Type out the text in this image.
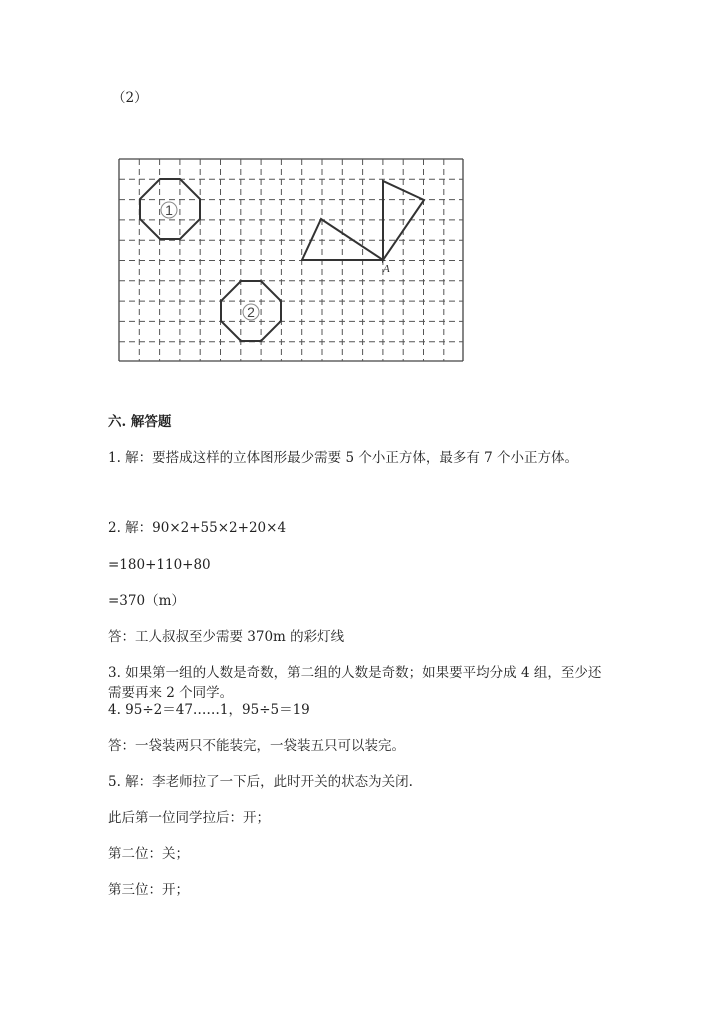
（2）
1
2
A
六. 解答题
1. 解：要搭成这样的立体图形最少需要 5 个小正方体，最多有 7 个小正方体。
2. 解：90×2+55×2+20×4
=180+110+80
=370（m）
答：工人叔叔至少需要 370m 的彩灯线
3. 如果第一组的人数是奇数，第二组的人数是奇数；如果要平均分成 4 组，至少还需要再来 2 个同学。
4. 95÷2＝47……1，95÷5＝19
答：一袋装两只不能装完，一袋装五只可以装完。
5. 解：李老师拉了一下后，此时开关的状态为关闭.
此后第一位同学拉后：开；
第二位：关；
第三位：开；
